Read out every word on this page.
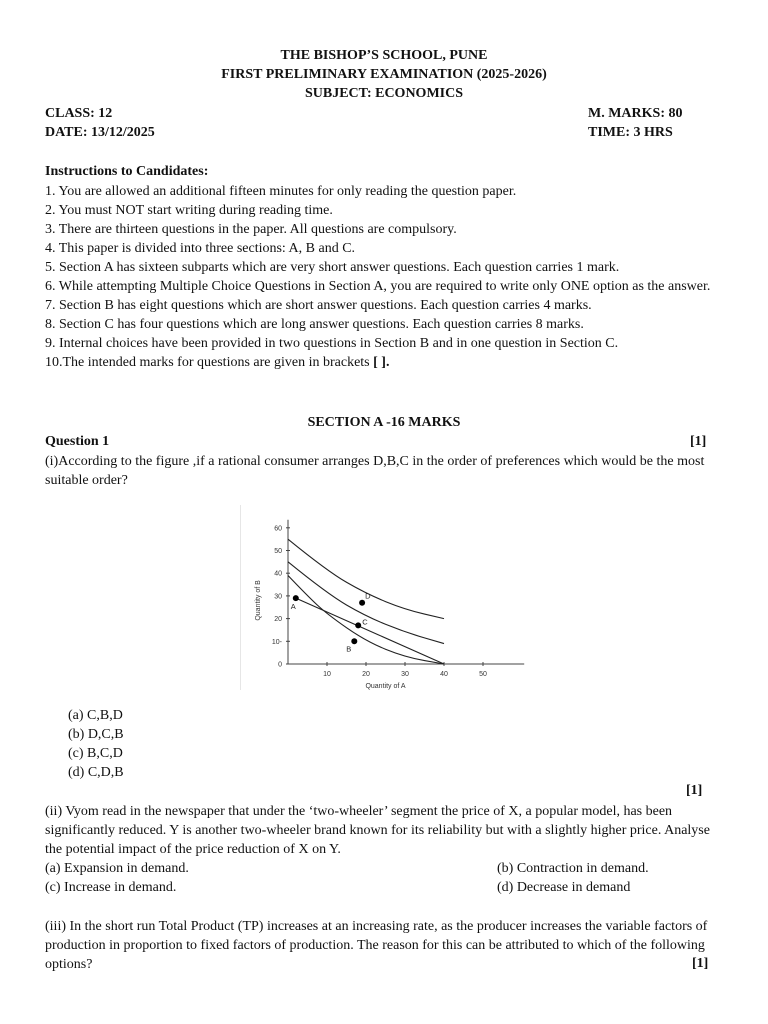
THE BISHOP’S SCHOOL, PUNE
FIRST PRELIMINARY EXAMINATION (2025-2026)
SUBJECT: ECONOMICS
CLASS: 12
DATE: 13/12/2025
M. MARKS: 80
TIME: 3 HRS
Instructions to Candidates:
1. You are allowed an additional fifteen minutes for only reading the question paper.
2. You must NOT start writing during reading time.
3. There are thirteen questions in the paper. All questions are compulsory.
4. This paper is divided into three sections: A, B and C.
5. Section A has sixteen subparts which are very short answer questions. Each question carries 1 mark.
6. While attempting Multiple Choice Questions in Section A, you are required to write only ONE option as the answer.
7. Section B has eight questions which are short answer questions. Each question carries 4 marks.
8. Section C has four questions which are long answer questions. Each question carries 8 marks.
9. Internal choices have been provided in two questions in Section B and in one question in Section C.
10.The intended marks for questions are given in brackets [ ].
SECTION A -16 MARKS
Question 1	[1]
(i)According to the figure ,if a rational consumer arranges D,B,C in the order of preferences which would be the most suitable order?
10	20	30	40	50
0
10-
20
30
40
50
60
Quantity of A
Quantity of B	D
C
B
A
(a) C,B,D
(b) D,C,B
(c) B,C,D
(d) C,D,B
[1]
(ii) Vyom read in the newspaper that under the ‘two-wheeler’ segment the price of X, a popular model, has been significantly reduced. Y is another two-wheeler brand known for its reliability but with a slightly higher price. Analyse the potential impact of the price reduction of X on Y.
(a) Expansion in demand.	(b) Contraction in demand.
(c) Increase in demand.	(d) Decrease in demand
(iii) In the short run Total Product (TP) increases at an increasing rate, as the producer increases the variable factors of production in proportion to fixed factors of production. The reason for this can be attributed to which of the following options?	[1]
